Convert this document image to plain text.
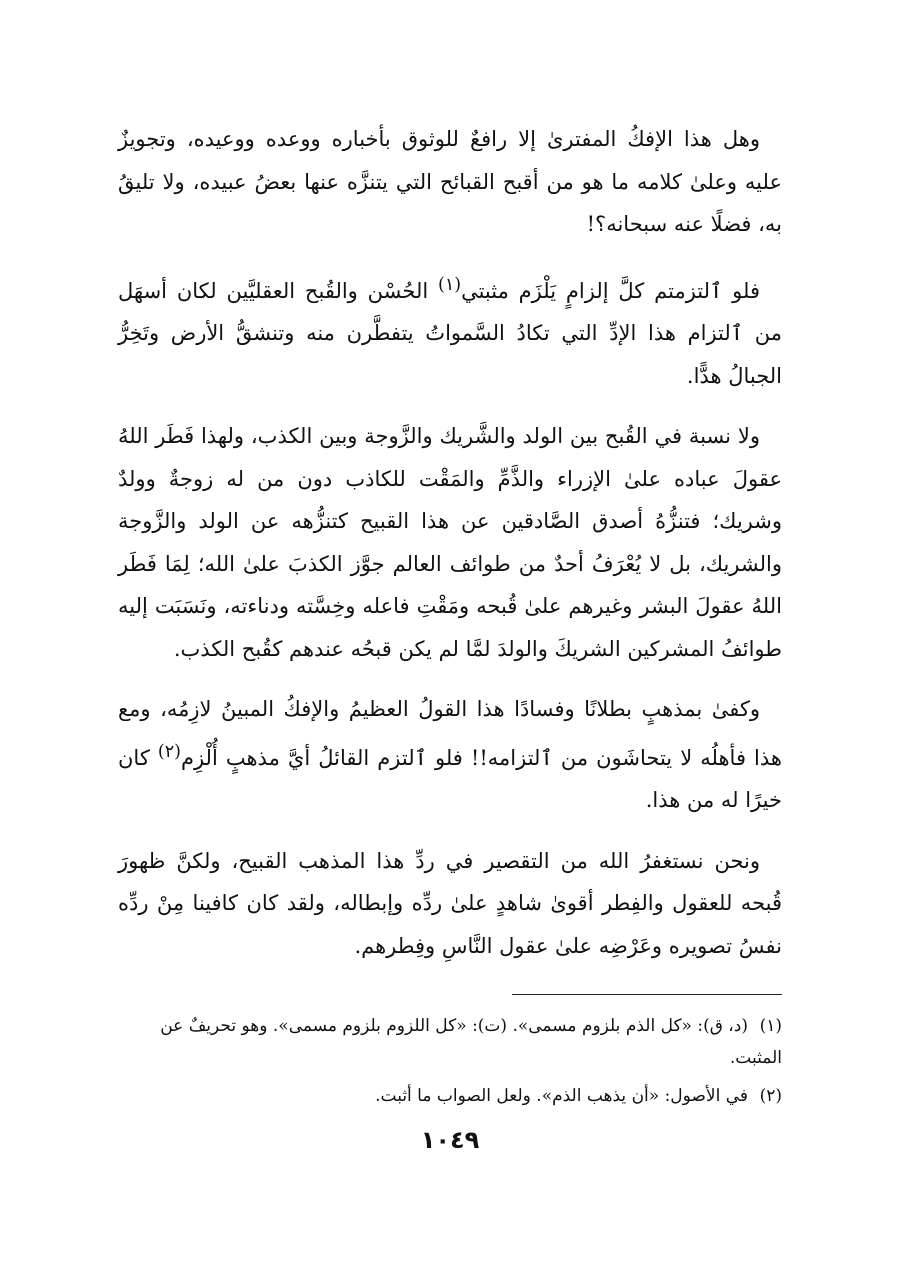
وهل هذا الإفكُ المفترىٰ إلا رافعٌ للوثوق بأخباره ووعده ووعيده، وتجويزٌ عليه وعلىٰ كلامه ما هو من أقبح القبائح التي يتنزَّه عنها بعضُ عبيده، ولا تليقُ به، فضلًا عنه سبحانه؟!

فلو ٱلتزمتم كلَّ إلزامٍ يَلْزَم مثبتي$^{(١)}$ الحُسْن والقُبح العقليَّين لكان أسهَل من ٱلتزام هذا الإدِّ التي تكادُ السَّمواتُ يتفطَّرن منه وتنشقُّ الأرض وتَخِرُّ الجبالُ هدًّا.

ولا نسبة في القُبح بين الولد والشَّريك والزَّوجة وبين الكذب، ولهذا فَطَر اللهُ عقولَ عباده علىٰ الإزراء والذَّمِّ والمَقْت للكاذب دون من له زوجةٌ وولدٌ وشريك؛ فتنزُّهُ أصدق الصَّادقين عن هذا القبيح كتنزُّهه عن الولد والزَّوجة والشريك، بل لا يُعْرَفُ أحدٌ من طوائف العالم جوَّز الكذبَ علىٰ الله؛ لِمَا فَطَر اللهُ عقولَ البشر وغيرهم علىٰ قُبحه ومَقْتِ فاعله وخِسَّته ودناءته، ونَسَبَت إليه طوائفُ المشركين الشريكَ والولدَ لمَّا لم يكن قبحُه عندهم كقُبح الكذب.

وكفىٰ بمذهبٍ بطلانًا وفسادًا هذا القولُ العظيمُ والإفكُ المبينُ لازِمُه، ومع هذا فأهلُه لا يتحاشَون من ٱلتزامه!! فلو ٱلتزم القائلُ أيَّ مذهبٍ أُلْزِم$^{(٢)}$ كان خيرًا له من هذا.

ونحن نستغفرُ الله من التقصير في ردِّ هذا المذهب القبيح، ولكنَّ ظهورَ قُبحه للعقول والفِطر أقوىٰ شاهدٍ علىٰ ردِّه وإبطاله، ولقد كان كافينا مِنْ ردِّه نفسُ تصويره وعَرْضِه علىٰ عقول النَّاسِ وفِطرهم.

(١)(د، ق): «كل الذم بلزوم مسمى». (ت): «كل اللزوم بلزوم مسمى». وهو تحريفٌ عن المثبت.

(٢)في الأصول: «أن يذهب الذم». ولعل الصواب ما أثبت.

١٠٤٩
